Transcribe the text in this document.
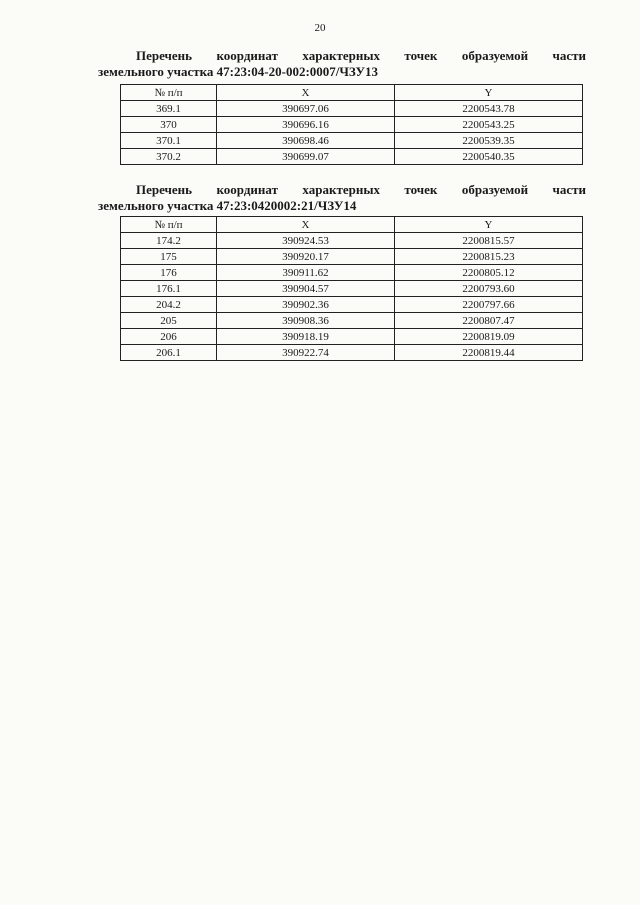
20

Перечень координат характерных точек образуемой части
земельного участка 47:23:04-20-002:0007/ЧЗУ13

№ п/п	X	Y
369.1	390697.06	2200543.78
370	390696.16	2200543.25
370.1	390698.46	2200539.35
370.2	390699.07	2200540.35

Перечень координат характерных точек образуемой части
земельного участка 47:23:0420002:21/ЧЗУ14

№ п/п	X	Y
174.2	390924.53	2200815.57
175	390920.17	2200815.23
176	390911.62	2200805.12
176.1	390904.57	2200793.60
204.2	390902.36	2200797.66
205	390908.36	2200807.47
206	390918.19	2200819.09
206.1	390922.74	2200819.44
